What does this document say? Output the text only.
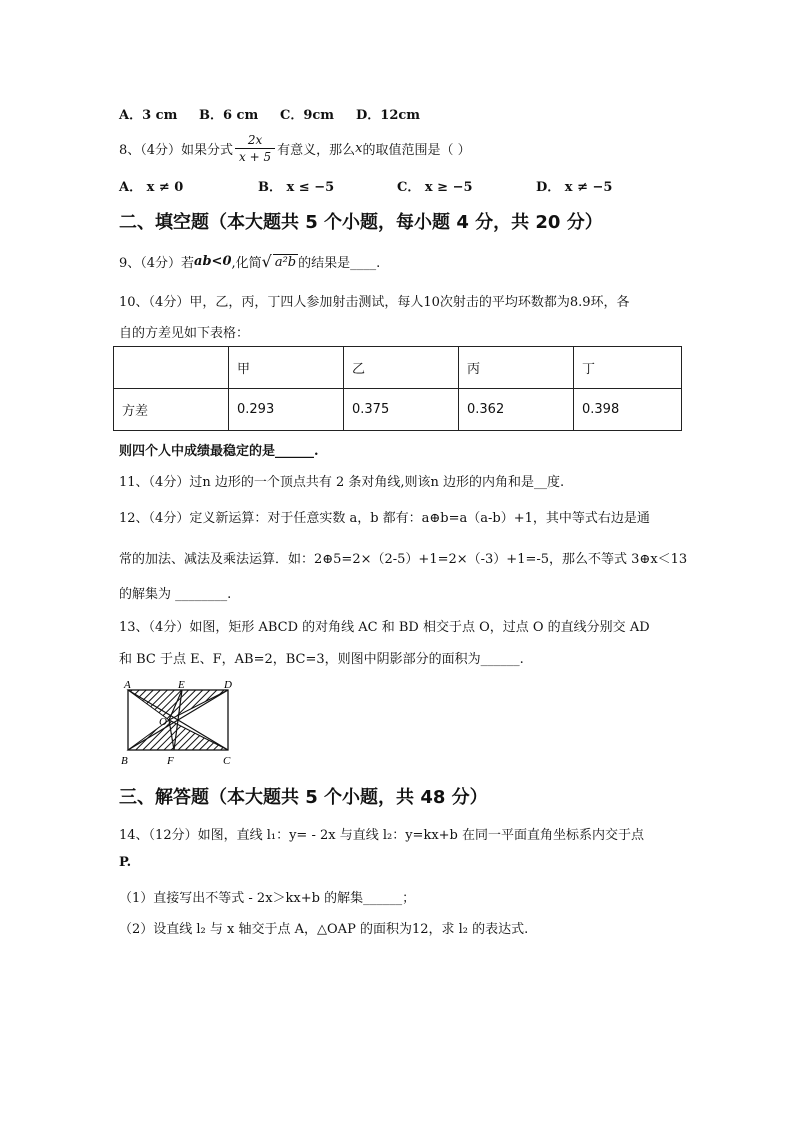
A．3 cm B．6 cm C．9cm D．12cm
8、（4分）如果分式 $\frac{2x}{x + 5}$ 有意义，那么 x 的取值范围是（ ）
A． x ≠ 0	B． x ≤ −5	C． x ≥ −5	D． x ≠ −5
二、填空题（本大题共 5 个小题，每小题 4 分，共 20 分）
9、（4分）若 ab<0 ,化简 √ a²b 的结果是____.
10、（4分）甲，乙，丙，丁四人参加射击测试，每人10次射击的平均环数都为8.9环，各
自的方差见如下表格：
	甲	乙	丙	丁
方差	0.293	0.375	0.362	0.398
则四个人中成绩最稳定的是______.
11、（4分）过n 边形的一个顶点共有 2 条对角线,则该n 边形的内角和是__度.
12、（4分）定义新运算：对于任意实数 a，b 都有：a⊕b=a（a-b）+1，其中等式右边是通
常的加法、减法及乘法运算．如：2⊕5=2×（2-5）+1=2×（-3）+1=-5，那么不等式 3⊕x＜13
的解集为 ________.
13、（4分）如图，矩形 ABCD 的对角线 AC 和 BD 相交于点 O，过点 O 的直线分别交 AD
和 BC 于点 E、F，AB=2，BC=3，则图中阴影部分的面积为______.
A	E	D
O
B	F	C
三、解答题（本大题共 5 个小题，共 48 分）
14、（12分）如图，直线 l₁：y= - 2x 与直线 l₂：y=kx+b 在同一平面直角坐标系内交于点
P.
（1）直接写出不等式 - 2x＞kx+b 的解集______；
（2）设直线 l₂ 与 x 轴交于点 A，△OAP 的面积为12，求 l₂ 的表达式.
